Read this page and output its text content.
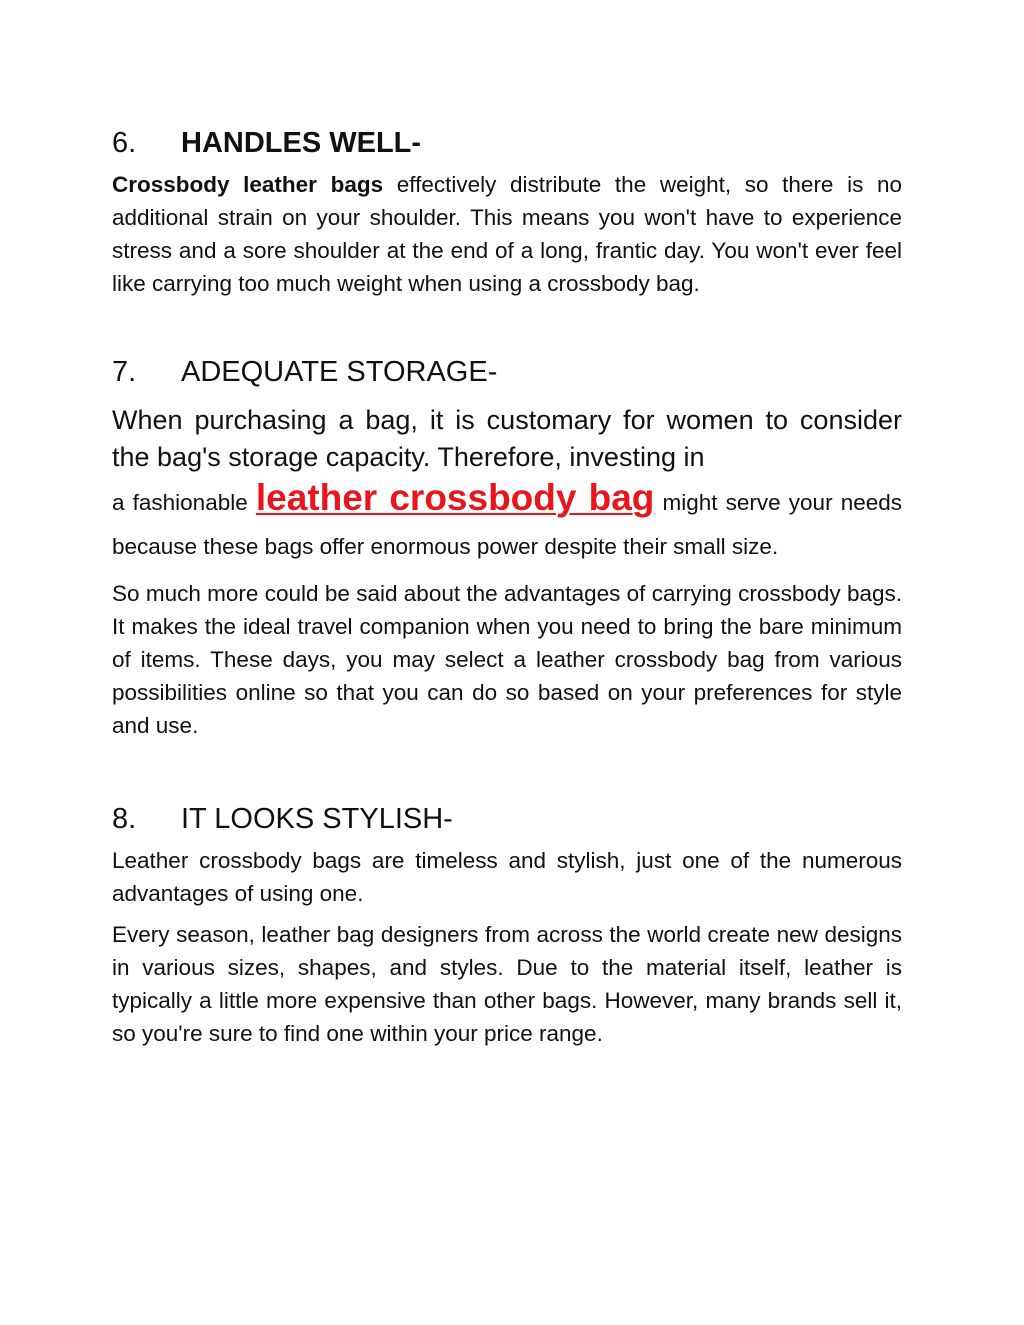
6.	HANDLES WELL-

Crossbody leather bags effectively distribute the weight, so there is no additional strain on your shoulder. This means you won't have to experience stress and a sore shoulder at the end of a long, frantic day. You won't ever feel like carrying too much weight when using a crossbody bag.

7.	ADEQUATE STORAGE-

When purchasing a bag, it is customary for women to consider the bag's storage capacity. Therefore, investing in

a fashionable leather crossbody bag might serve your needs because these bags offer enormous power despite their small size.

So much more could be said about the advantages of carrying crossbody bags. It makes the ideal travel companion when you need to bring the bare minimum of items. These days, you may select a leather crossbody bag from various possibilities online so that you can do so based on your preferences for style and use.

8.	IT LOOKS STYLISH-

Leather crossbody bags are timeless and stylish, just one of the numerous advantages of using one.

Every season, leather bag designers from across the world create new designs in various sizes, shapes, and styles. Due to the material itself, leather is typically a little more expensive than other bags. However, many brands sell it, so you're sure to find one within your price range.
